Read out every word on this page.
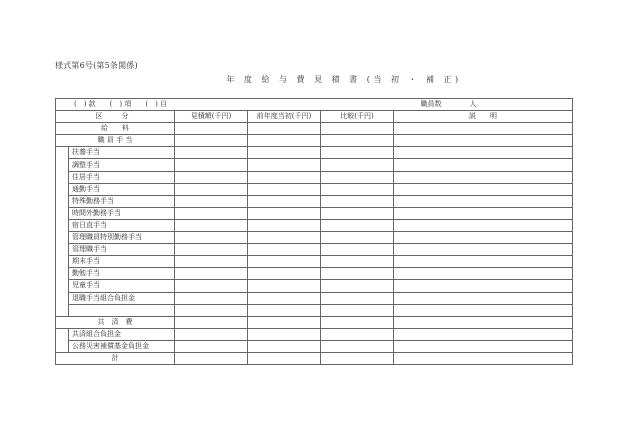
様式第6号(第5条関係)
年 度 給 与 費 見 積 書 (当 初 ・ 補 正)
(　) 款　　(　) 項　　(　) 目 職員数　　　　人					

区　分		見積額(千円)	前年度当初(千円)	比較(千円)	説　　明
給　　料					
職 員 手 当					
	扶養手当				
	調整手当				
	住居手当				
	通勤手当				
	特殊勤務手当				
	時間外勤務手当				
	宿日直手当				
	管理職員特別勤務手当				
	管理職手当				
	期末手当				
	勤勉手当				
	児童手当				
	退職手当組合負担金				

共　済　費					
	共済組合負担金				
	公務災害補償基金負担金				
計					
